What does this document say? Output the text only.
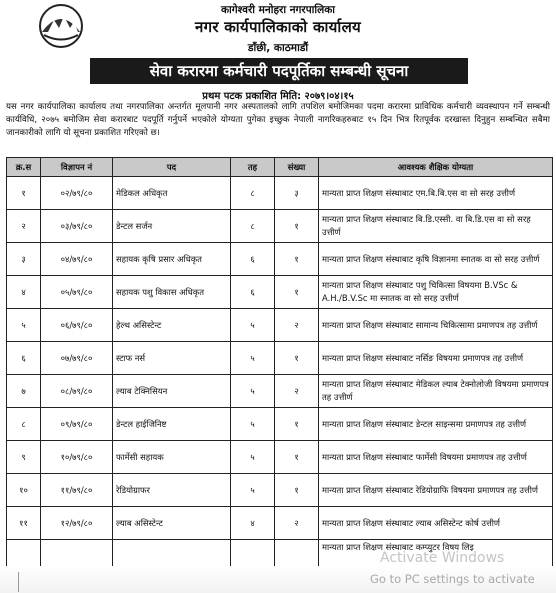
कागेश्वरी मनोहरा नगरपालिका
नगर कार्यपालिकाको कार्यालय
डाँछी, काठमाडौं
सेवा करारमा कर्मचारी पदपूर्तिका सम्बन्धी सूचना
प्रथम पटक प्रकाशित मिति: २०७९।०४।१५
यस नगर कार्यपालिका कार्यालय तथा नगरपालिका अन्तर्गत मूलपानी नगर अस्पतालको लागि तपशिल बमोजिमका पदमा करारमा प्राविधिक कर्मचारी व्यवस्थापन गर्ने सम्बन्धी कार्यविधि, २०७५ बमोजिम सेवा करारबाट पदपूर्ति गर्नुपर्ने भएकोले योग्यता पुगेका इच्छुक नेपाली नागरिकहरुबाट १५ दिन भित्र रितपूर्वक दरखास्त दिनुहुन सम्बन्धित सबैमा जानकारीको लागि यो सूचना प्रकाशित गरिएको छ।
क्र.स	विज्ञापन नं	पद	तह	संख्या	आवश्यक शैक्षिक योग्यता
१	०२/७९/८०	मेडिकल अधिकृत	८	३	मान्यता प्राप्त शिक्षण संस्थाबाट एम.बि.बि.एस वा सो सरह उत्तीर्ण
२	०३/७९/८०	डेन्टल सर्जन	८	१	मान्यता प्राप्त शिक्षण संस्थाबाट बि.डि.एस्सी. वा बि.डि.एस वा सो सरह उत्तीर्ण
३	०४/७९/८०	सहायक कृषि प्रसार अधिकृत	६	१	मान्यता प्राप्त शिक्षण संस्थाबाट कृषि विज्ञानमा स्नातक वा सो सरह उत्तीर्ण
४	०५/७९/८०	सहायक पशु विकास अधिकृत	६	१	मान्यता प्राप्त शिक्षण संस्थाबाट पशु चिकित्सा विषयमा B.VSc & A.H./B.V.Sc मा स्नातक वा सो सरह उत्तीर्ण
५	०६/७९/८०	हेल्थ असिस्टेन्ट	५	२	मान्यता प्राप्त शिक्षण संस्थाबाट सामान्य चिकित्सामा प्रमाणपत्र तह उत्तीर्ण
६	०७/७९/८०	स्टाफ नर्स	५	१	मान्यता प्राप्त शिक्षण संस्थाबाट नर्सिङ विषयमा प्रमाणपत्र तह उत्तीर्ण
७	०८/७९/८०	ल्याब टेक्निसियन	५	२	मान्यता प्राप्त शिक्षण संस्थाबाट मेडिकल ल्याब टेक्नोलोजी विषयमा प्रमाणपत्र तह उत्तीर्ण
८	०९/७९/८०	डेन्टल हाईजिनिष्ट	५	१	मान्यता प्राप्त शिक्षण संस्थाबाट डेन्टल साइन्समा प्रमाणपत्र तह उत्तीर्ण
९	१०/७९/८०	फार्मेसी सहायक	५	१	मान्यता प्राप्त शिक्षण संस्थाबाट फार्मेसी विषयमा प्रमाणपत्र तह उत्तीर्ण
१०	११/७९/८०	रेडियोग्राफर	५	१	मान्यता प्राप्त शिक्षण संस्थाबाट रेडियोग्राफि विषयमा प्रमाणपत्र तह उत्तीर्ण
११	१२/७९/८०	ल्याब असिस्टेन्ट	४	२	मान्यता प्राप्त शिक्षण संस्थाबाट ल्याब असिस्टेन्ट कोर्ष उत्तीर्ण
					मान्यता प्राप्त शिक्षण संस्थाबाट कम्प्युटर विषय लिइ
Activate Windows
Go to PC settings to activate
